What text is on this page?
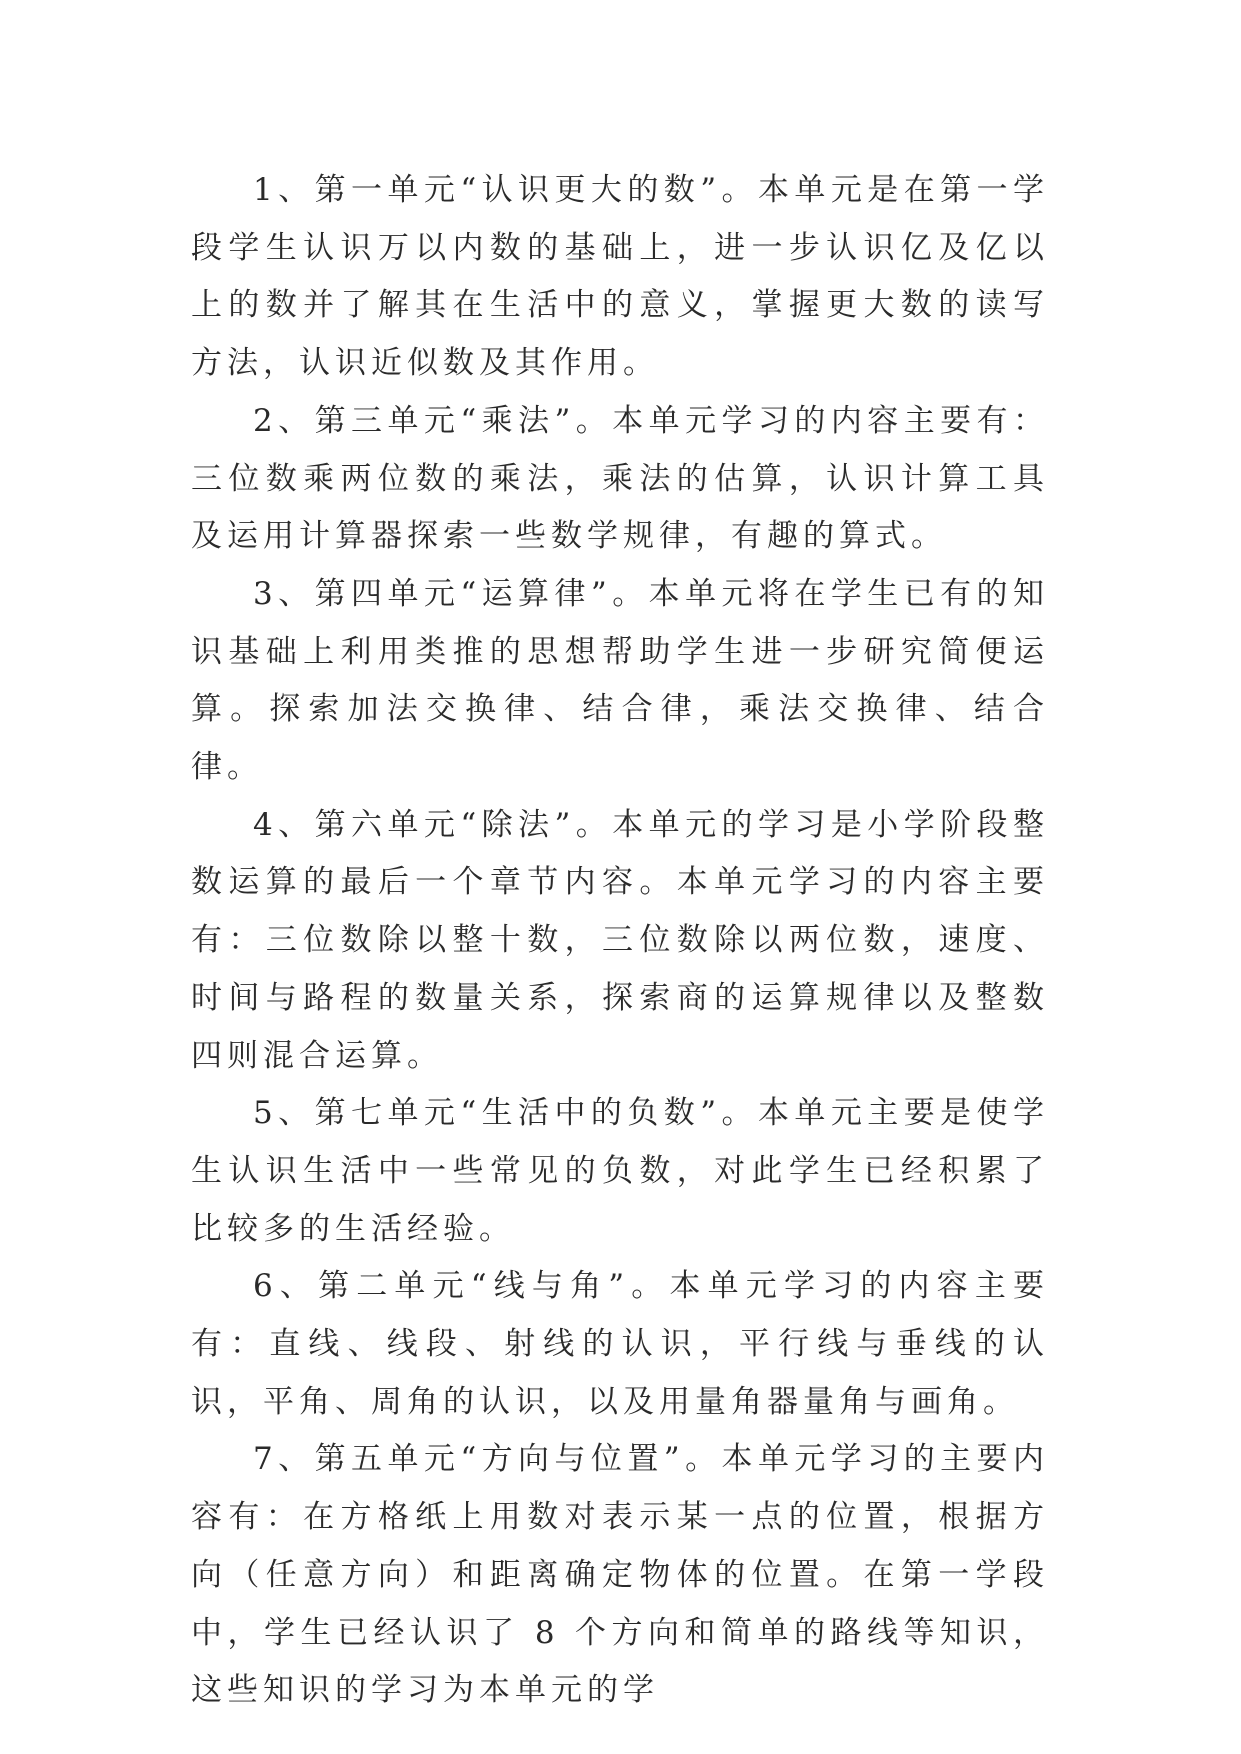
1、第一单元“认识更大的数”。本单元是在第一学段学生认识万以内数的基础上，进一步认识亿及亿以上的数并了解其在生活中的意义，掌握更大数的读写方法，认识近似数及其作用。

2、第三单元“乘法”。本单元学习的内容主要有：三位数乘两位数的乘法，乘法的估算，认识计算工具及运用计算器探索一些数学规律，有趣的算式。

3、第四单元“运算律”。本单元将在学生已有的知识基础上利用类推的思想帮助学生进一步研究简便运算。探索加法交换律、结合律，乘法交换律、结合律。

4、第六单元“除法”。本单元的学习是小学阶段整数运算的最后一个章节内容。本单元学习的内容主要有：三位数除以整十数，三位数除以两位数，速度、时间与路程的数量关系，探索商的运算规律以及整数四则混合运算。

5、第七单元“生活中的负数”。本单元主要是使学生认识生活中一些常见的负数，对此学生已经积累了比较多的生活经验。

6、第二单元“线与角”。本单元学习的内容主要有：直线、线段、射线的认识，平行线与垂线的认识，平角、周角的认识，以及用量角器量角与画角。

7、第五单元“方向与位置”。本单元学习的主要内容有：在方格纸上用数对表示某一点的位置，根据方向（任意方向）和距离确定物体的位置。在第一学段中，学生已经认识了 8 个方向和简单的路线等知识，这些知识的学习为本单元的学
